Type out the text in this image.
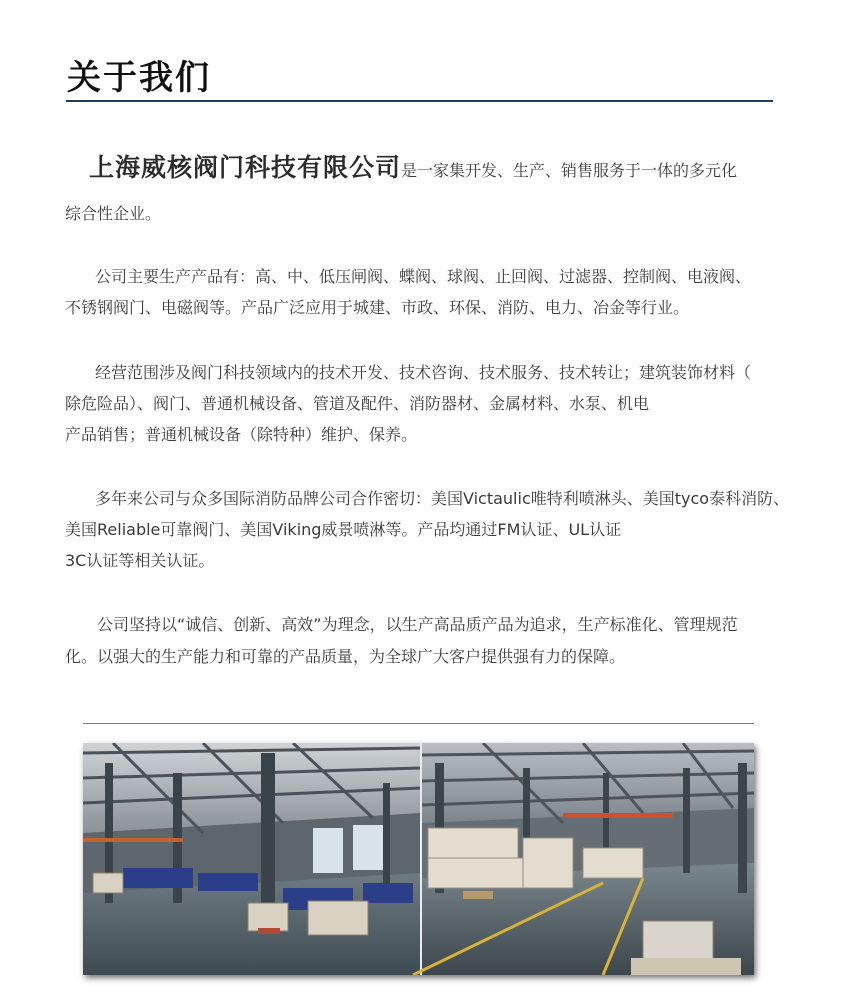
关于我们
上海威核阀门科技有限公司是一家集开发、生产、销售服务于一体的多元化
综合性企业。
公司主要生产产品有：高、中、低压闸阀、蝶阀、球阀、止回阀、过滤器、控制阀、电液阀、
不锈钢阀门、电磁阀等。产品广泛应用于城建、市政、环保、消防、电力、冶金等行业。
经营范围涉及阀门科技领域内的技术开发、技术咨询、技术服务、技术转让；建筑装饰材料（
除危险品）、阀门、普通机械设备、管道及配件、消防器材、金属材料、水泵、机电
产品销售；普通机械设备（除特种）维护、保养。
多年来公司与众多国际消防品牌公司合作密切：美国Victaulic唯特利喷淋头、美国tyco泰科消防、
美国Reliable可靠阀门、美国Viking威景喷淋等。产品均通过FM认证、UL认证
3C认证等相关认证。
公司坚持以“诚信、创新、高效”为理念，以生产高品质产品为追求，生产标准化、管理规范
化。以强大的生产能力和可靠的产品质量，为全球广大客户提供强有力的保障。
